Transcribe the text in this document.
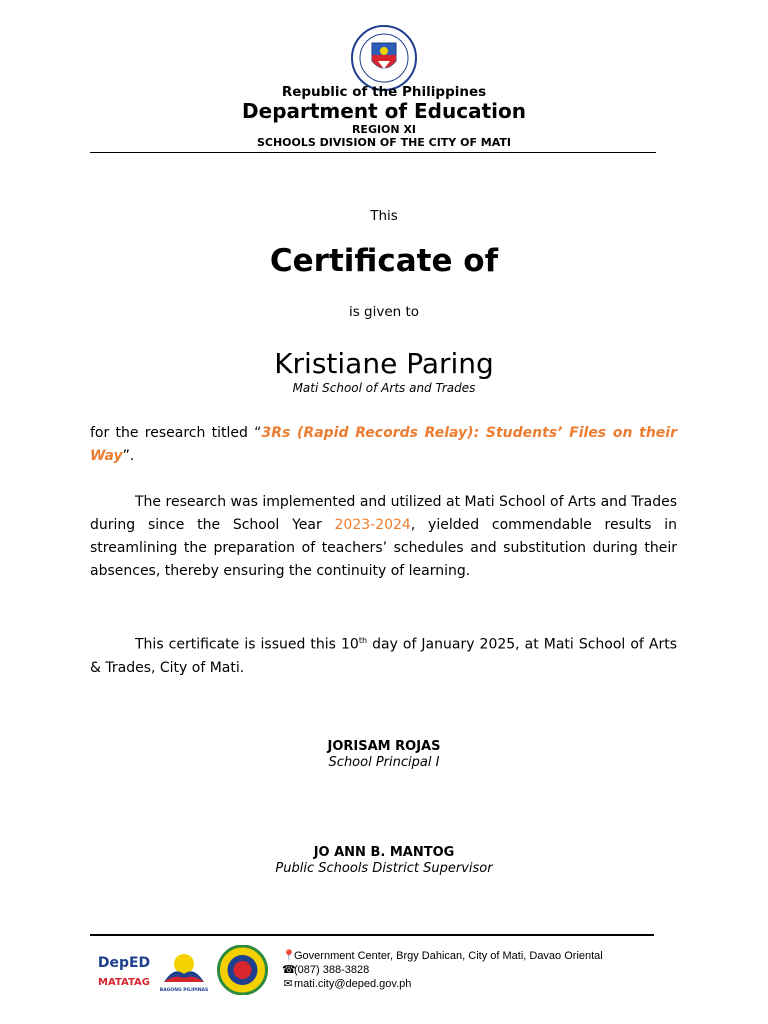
Republic of the Philippines
Department of Education
REGION XI
SCHOOLS DIVISION OF THE CITY OF MATI
This
Certificate of
is given to
Kristiane Paring
Mati School of Arts and Trades
for the research titled “3Rs (Rapid Records Relay): Students’ Files on their Way”.
The research was implemented and utilized at Mati School of Arts and Trades during since the School Year 2023-2024, yielded commendable results in streamlining the preparation of teachers’ schedules and substitution during their absences, thereby ensuring the continuity of learning.
This certificate is issued this 10th day of January 2025, at Mati School of Arts & Trades, City of Mati.
JORISAM ROJAS
School Principal I
JO ANN B. MANTOG
Public Schools District Supervisor
DepED
MATATAG
BAGONG PILIPINAS
📍Government Center, Brgy Dahican, City of Mati, Davao Oriental
☎(087) 388-3828
✉mati.city@deped.gov.ph
